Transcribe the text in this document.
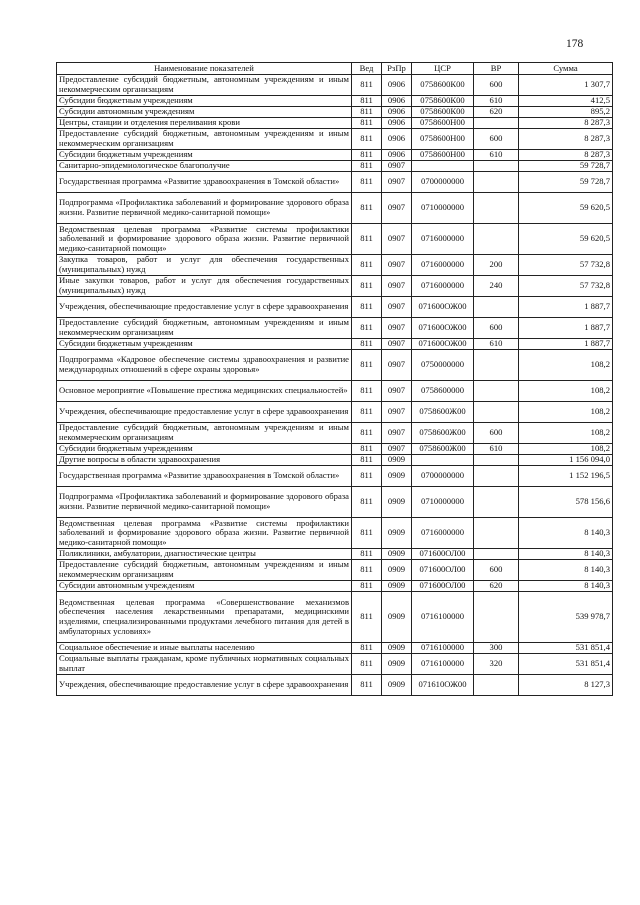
178
Наименование показателей	Вед	РзПр	ЦСР	ВР	Сумма
Предоставление субсидий бюджетным, автономным учреждениям и иным некоммерческим организациям	811	0906	0758600К00	600	1 307,7
Субсидии бюджетным учреждениям	811	0906	0758600К00	610	412,5
Субсидии автономным учреждениям	811	0906	0758600К00	620	895,2
Центры, станции и отделения переливания крови	811	0906	0758600Н00		8 287,3
Предоставление субсидий бюджетным, автономным учреждениям и иным некоммерческим организациям	811	0906	0758600Н00	600	8 287,3
Субсидии бюджетным учреждениям	811	0906	0758600Н00	610	8 287,3
Санитарно-эпидемиологическое благополучие	811	0907			59 728,7
Государственная программа «Развитие здравоохранения в Томской области»	811	0907	0700000000		59 728,7
Подпрограмма «Профилактика заболеваний и формирование здорового образа жизни. Развитие первичной медико-санитарной помощи»	811	0907	0710000000		59 620,5
Ведомственная целевая программа «Развитие системы профилактики заболеваний и формирование здорового образа жизни. Развитие первичной медико-санитарной помощи»	811	0907	0716000000		59 620,5
Закупка товаров, работ и услуг для обеспечения государственных (муниципальных) нужд	811	0907	0716000000	200	57 732,8
Иные закупки товаров, работ и услуг для обеспечения государственных (муниципальных) нужд	811	0907	0716000000	240	57 732,8
Учреждения, обеспечивающие предоставление услуг в сфере здравоохранения	811	0907	071600ОЖ00		1 887,7
Предоставление субсидий бюджетным, автономным учреждениям и иным некоммерческим организациям	811	0907	071600ОЖ00	600	1 887,7
Субсидии бюджетным учреждениям	811	0907	071600ОЖ00	610	1 887,7
Подпрограмма «Кадровое обеспечение системы здравоохранения и развитие международных отношений в сфере охраны здоровья»	811	0907	0750000000		108,2
Основное мероприятие «Повышение престижа медицинских специальностей»	811	0907	0758600000		108,2
Учреждения, обеспечивающие предоставление услуг в сфере здравоохранения	811	0907	0758600Ж00		108,2
Предоставление субсидий бюджетным, автономным учреждениям и иным некоммерческим организациям	811	0907	0758600Ж00	600	108,2
Субсидии бюджетным учреждениям	811	0907	0758600Ж00	610	108,2
Другие вопросы в области здравоохранения	811	0909			1 156 094,0
Государственная программа «Развитие здравоохранения в Томской области»	811	0909	0700000000		1 152 196,5
Подпрограмма «Профилактика заболеваний и формирование здорового образа жизни. Развитие первичной медико-санитарной помощи»	811	0909	0710000000		578 156,6
Ведомственная целевая программа «Развитие системы профилактики заболеваний и формирование здорового образа жизни. Развитие первичной медико-санитарной помощи»	811	0909	0716000000		8 140,3
Поликлиники, амбулатории, диагностические центры	811	0909	071600ОЛ00		8 140,3
Предоставление субсидий бюджетным, автономным учреждениям и иным некоммерческим организациям	811	0909	071600ОЛ00	600	8 140,3
Субсидии автономным учреждениям	811	0909	071600ОЛ00	620	8 140,3
Ведомственная целевая программа «Совершенствование механизмов обеспечения населения лекарственными препаратами, медицинскими изделиями, специализированными продуктами лечебного питания для детей в амбулаторных условиях»	811	0909	0716100000		539 978,7
Социальное обеспечение и иные выплаты населению	811	0909	0716100000	300	531 851,4
Социальные выплаты гражданам, кроме публичных нормативных социальных выплат	811	0909	0716100000	320	531 851,4
Учреждения, обеспечивающие предоставление услуг в сфере здравоохранения	811	0909	071610ОЖ00		8 127,3
